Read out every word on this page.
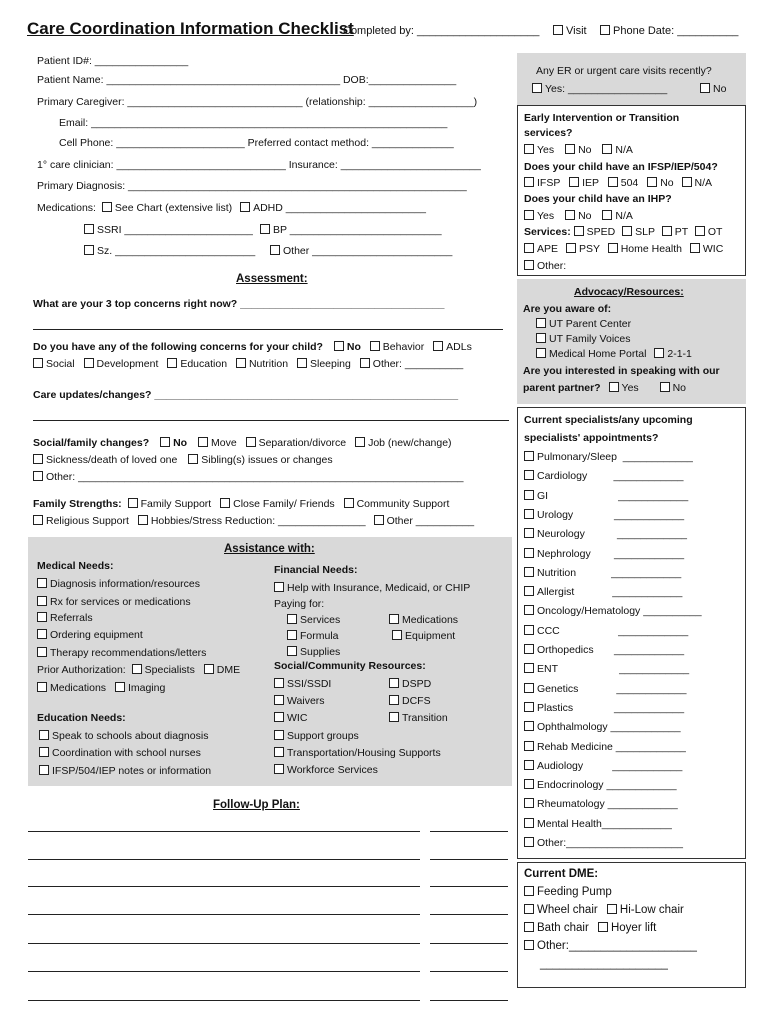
Care Coordination Information Checklist
Completed by: ____________________	Visit	Phone Date: __________
Patient ID#: ________________
Patient Name: ________________________________________ DOB:_______________
Primary Caregiver: ______________________________ (relationship: __________________)
Email: _____________________________________________________________
Cell Phone: ______________________ Preferred contact method: ______________
1° care clinician: _____________________________ Insurance: ________________________
Primary Diagnosis: __________________________________________________________
Medications: See Chart (extensive list) ADHD ________________________
SSRI ______________________	BP __________________________
Sz. ________________________	Other ________________________
Assessment:
What are your 3 top concerns right now? ___________________________________
Do you have any of the following concerns for your child? No Behavior ADLs
Social Development Education Nutrition Sleeping Other: __________
Care updates/changes? ____________________________________________________
Social/family changes? No Move Separation/divorce Job (new/change)
Sickness/death of loved one Sibling(s) issues or changes
Other: __________________________________________________________________
Family Strengths: Family Support Close Family/ Friends Community Support
Religious Support Hobbies/Stress Reduction: _______________ Other __________
Assistance with:
Medical Needs:
Diagnosis information/resources
Rx for services or medications
Referrals
Ordering equipment
Therapy recommendations/letters
Prior Authorization: Specialists DME
Medications Imaging
Education Needs:
Speak to schools about diagnosis
Coordination with school nurses
IFSP/504/IEP notes or information
Financial Needs:
Help with Insurance, Medicaid, or CHIP
Paying for:
Services	Medications
Formula	Equipment
Supplies
Social/Community Resources:
SSI/SSDI	DSPD
Waivers	DCFS
WIC	Transition
Support groups
Transportation/Housing Supports
Workforce Services
Follow-Up Plan:
Any ER or urgent care visits recently?
Yes: _________________	No
Early Intervention or Transition
services?
Yes No N/A
Does your child have an IFSP/IEP/504?
IFSP IEP 504 No N/A
Does your child have an IHP?
Yes No N/A
Services: SPED SLP PT OT
APE PSY Home Health WIC
Other:
Advocacy/Resources:
Are you aware of:
UT Parent Center
UT Family Voices
Medical Home Portal 2-1-1
Are you interested in speaking with our
parent partner? Yes	No
Current specialists/any upcoming
specialists' appointments?
Pulmonary/Sleep  ____________
Cardiology         ____________
GI                        ____________
Urology              ____________
Neurology           ____________
Nephrology        ____________
Nutrition            ____________
Allergist             ____________
Oncology/Hematology __________
CCC                    ____________
Orthopedics       ____________
ENT                     ____________
Genetics             ____________
Plastics              ____________
Ophthalmology ____________
Rehab Medicine ____________
Audiology          ____________
Endocrinology ____________
Rheumatology ____________
Mental Health____________
Other:____________________
Current DME:
Feeding Pump
Wheel chair Hi-Low chair
Bath chair Hoyer lift
Other:____________________
____________________
